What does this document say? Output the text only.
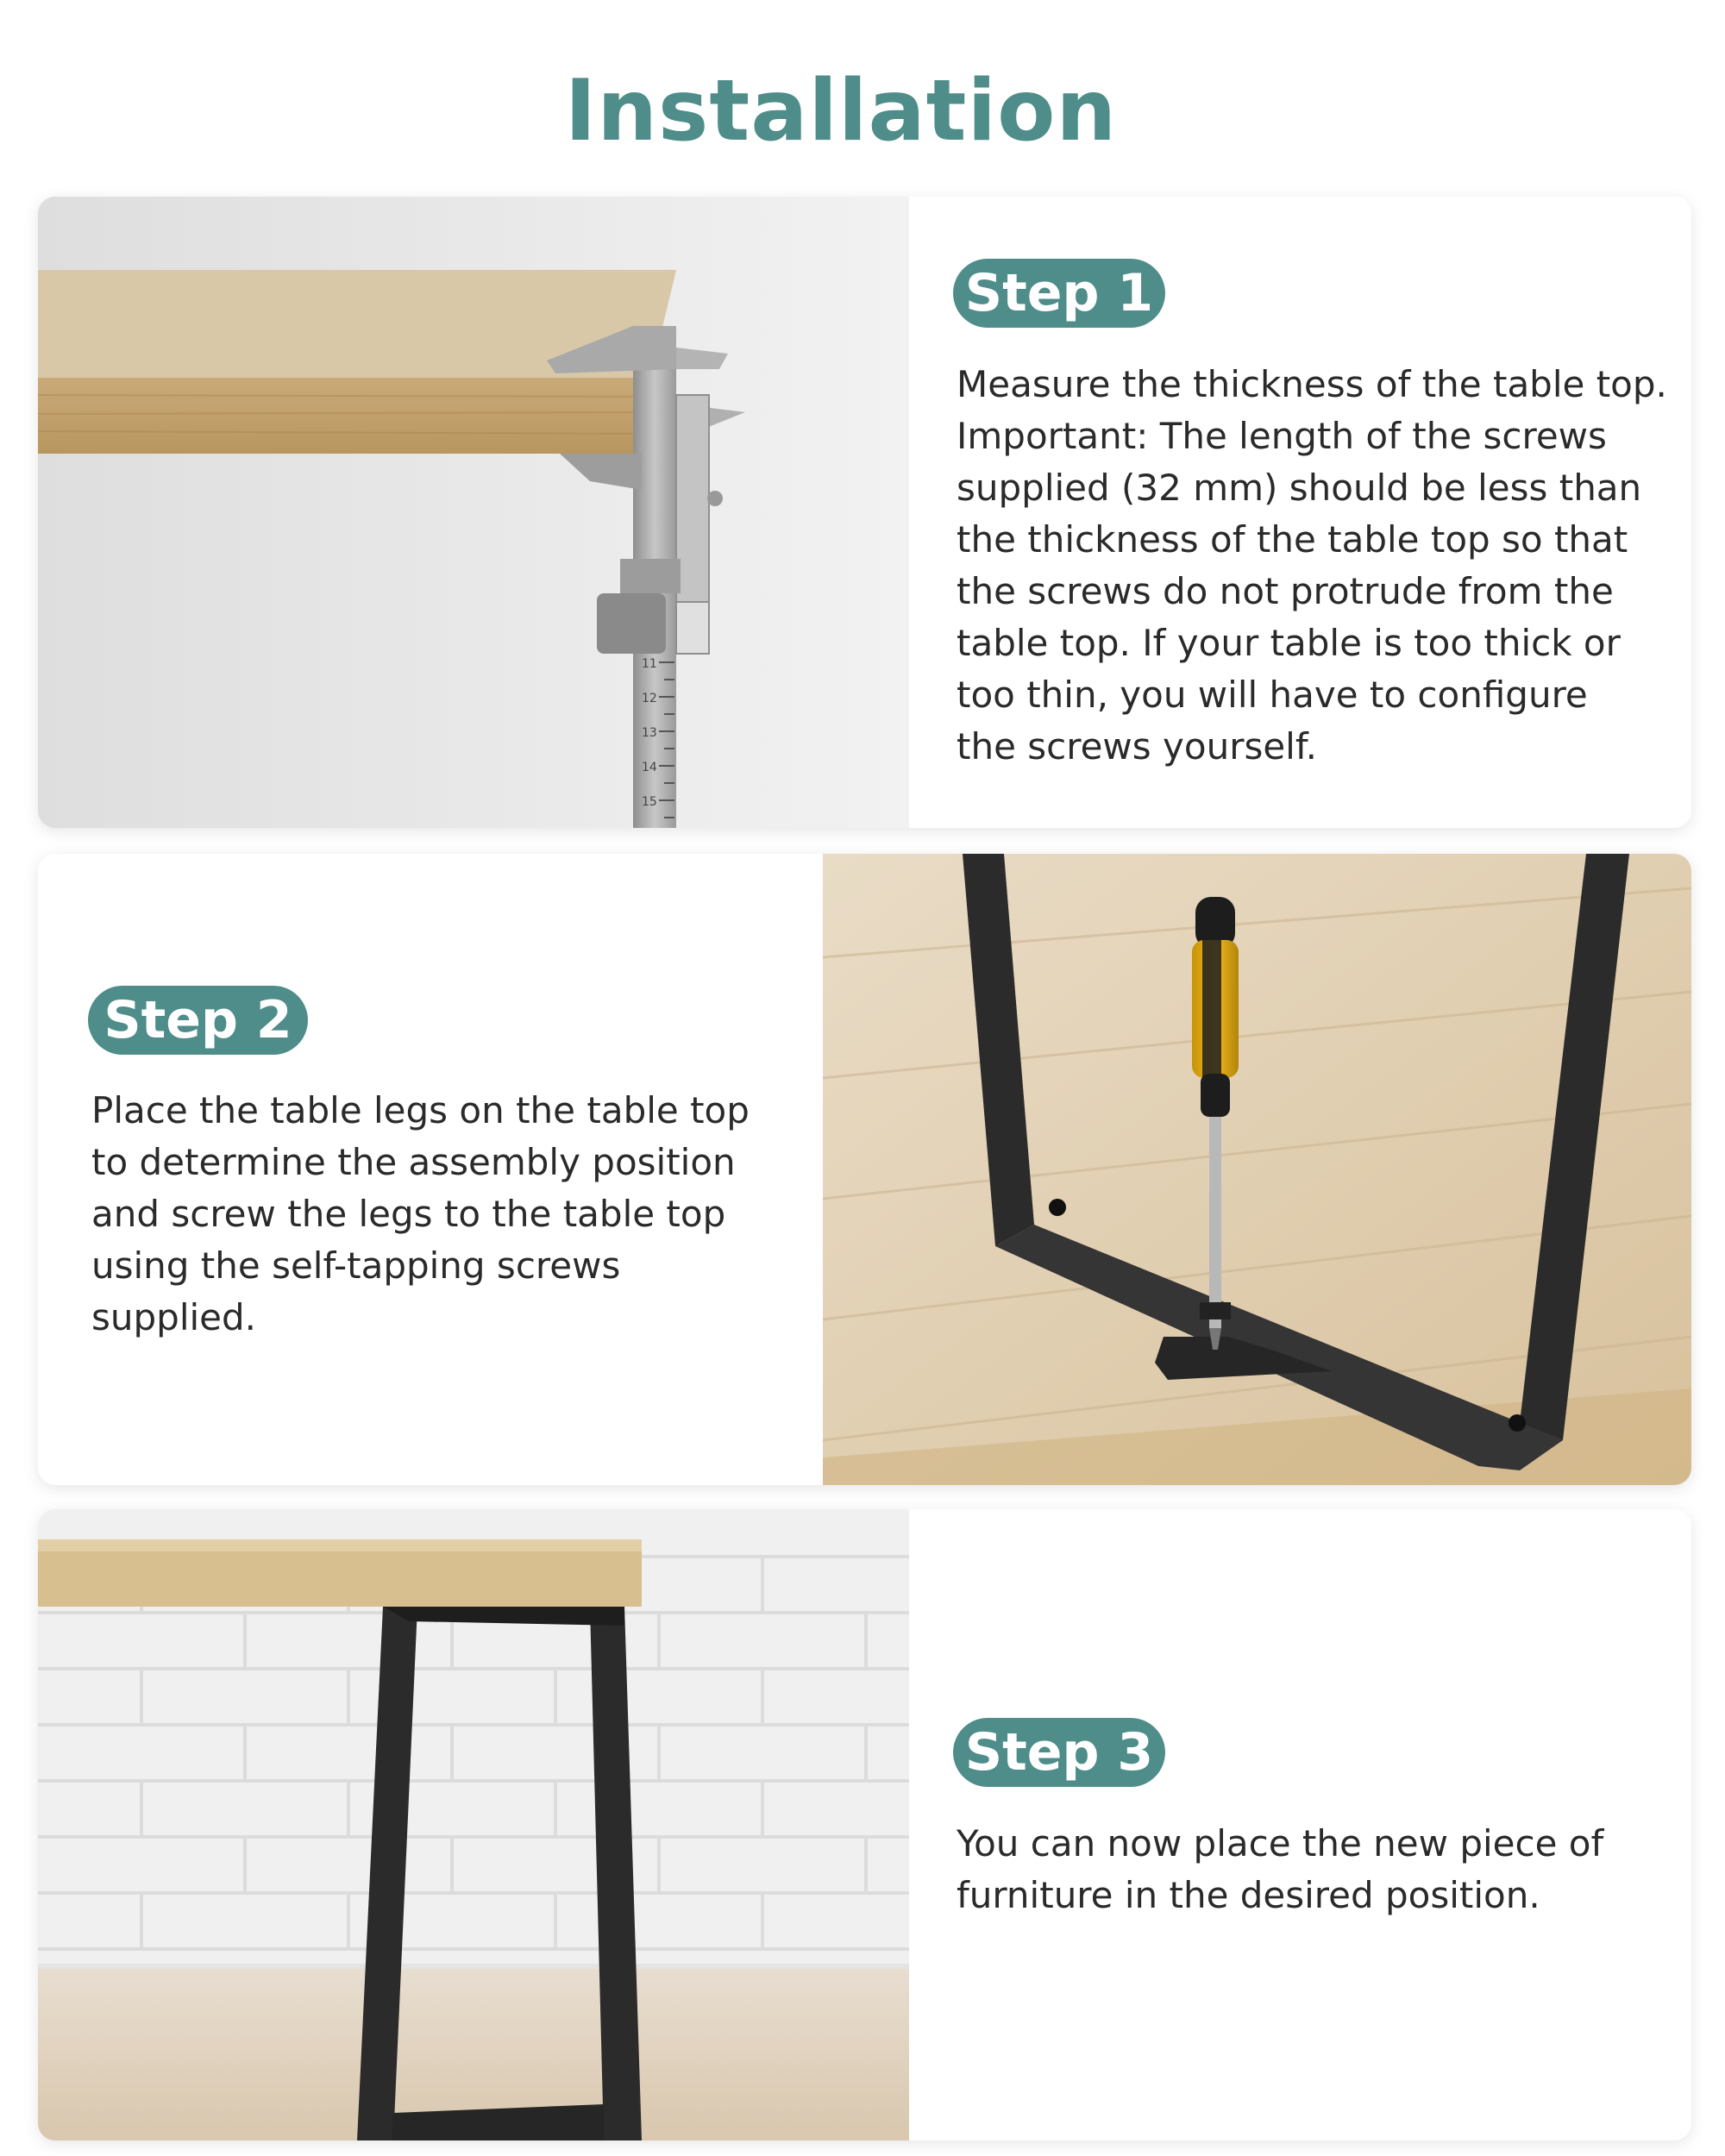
Installation
11 12 13 14 15
Step 1
Measure the thickness of the table top.
Important: The length of the screws
supplied (32 mm) should be less than
the thickness of the table top so that
the screws do not protrude from the
table top. If your table is too thick or
too thin, you will have to configure
the screws yourself.
Step 2
Place the table legs on the table top
to determine the assembly position
and screw the legs to the table top
using the self-tapping screws
supplied.
Step 3
You can now place the new piece of
furniture in the desired position.
